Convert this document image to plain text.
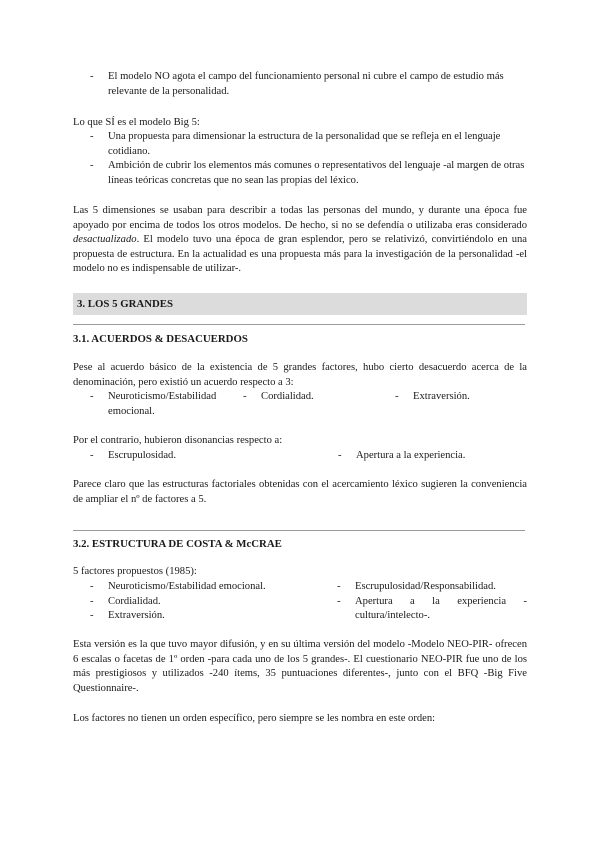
- El modelo NO agota el campo del funcionamiento personal ni cubre el campo de estudio más relevante de la personalidad.
Lo que SÍ es el modelo Big 5:
- Una propuesta para dimensionar la estructura de la personalidad que se refleja en el lenguaje cotidiano.
- Ambición de cubrir los elementos más comunes o representativos del lenguaje -al margen de otras líneas teóricas concretas que no sean las propias del léxico.
Las 5 dimensiones se usaban para describir a todas las personas del mundo, y durante una época fue apoyado por encima de todos los otros modelos. De hecho, si no se defendía o utilizaba eras considerado desactualizado. El modelo tuvo una época de gran esplendor, pero se relativizó, convirtiéndolo en una propuesta de estructura. En la actualidad es una propuesta más para la investigación de la personalidad -el modelo no es indispensable de utilizar-.
3. LOS 5 GRANDES
3.1. ACUERDOS & DESACUERDOS
Pese al acuerdo básico de la existencia de 5 grandes factores, hubo cierto desacuerdo acerca de la denominación, pero existió un acuerdo respecto a 3:
- Neuroticismo/Estabilidad emocional.
- Cordialidad.	- Extraversión.
Por el contrario, hubieron disonancias respecto a:
- Escrupulosidad.	- Apertura a la experiencia.
Parece claro que las estructuras factoriales obtenidas con el acercamiento léxico sugieren la conveniencia de ampliar el nº de factores a 5.
3.2. ESTRUCTURA DE COSTA & McCRAE
5 factores propuestos (1985):
- Neuroticismo/Estabilidad emocional.
- Cordialidad.
- Extraversión.
- Escrupulosidad/Responsabilidad.
- Apertura a la experiencia -cultura/intelecto-.
Esta versión es la que tuvo mayor difusión, y en su última versión del modelo -Modelo NEO-PIR- ofrecen 6 escalas o facetas de 1º orden -para cada uno de los 5 grandes-. El cuestionario NEO-PIR fue uno de los más prestigiosos y utilizados -240 ítems, 35 puntuaciones diferentes-, junto con el BFQ -Big Five Questionnaire-.
Los factores no tienen un orden específico, pero siempre se les nombra en este orden:
